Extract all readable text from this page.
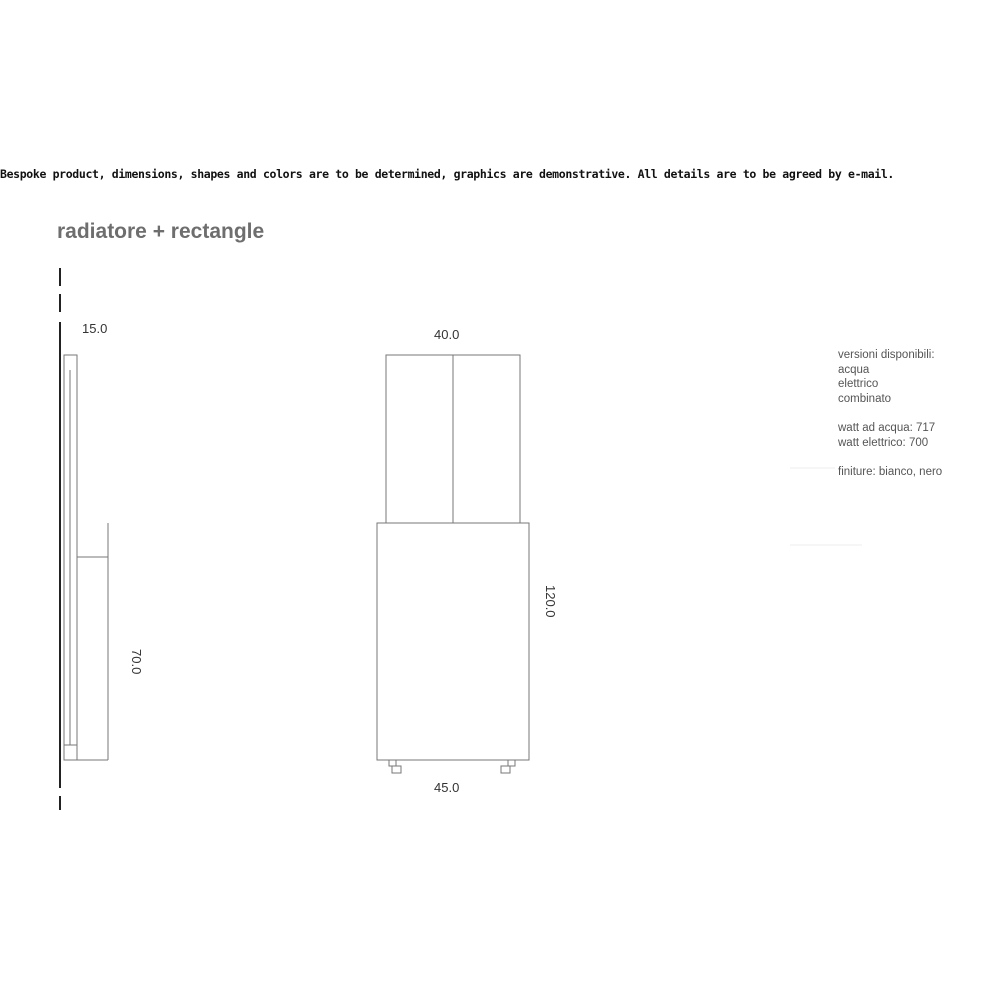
Bespoke product, dimensions, shapes and colors are to be determined, graphics are demonstrative. All details are to be agreed by e-mail.
radiatore + rectangle
15.0
70.0
40.0
120.0
45.0
versioni disponibili:
acqua
elettrico
combinato
watt ad acqua: 717
watt elettrico: 700
finiture: bianco, nero
